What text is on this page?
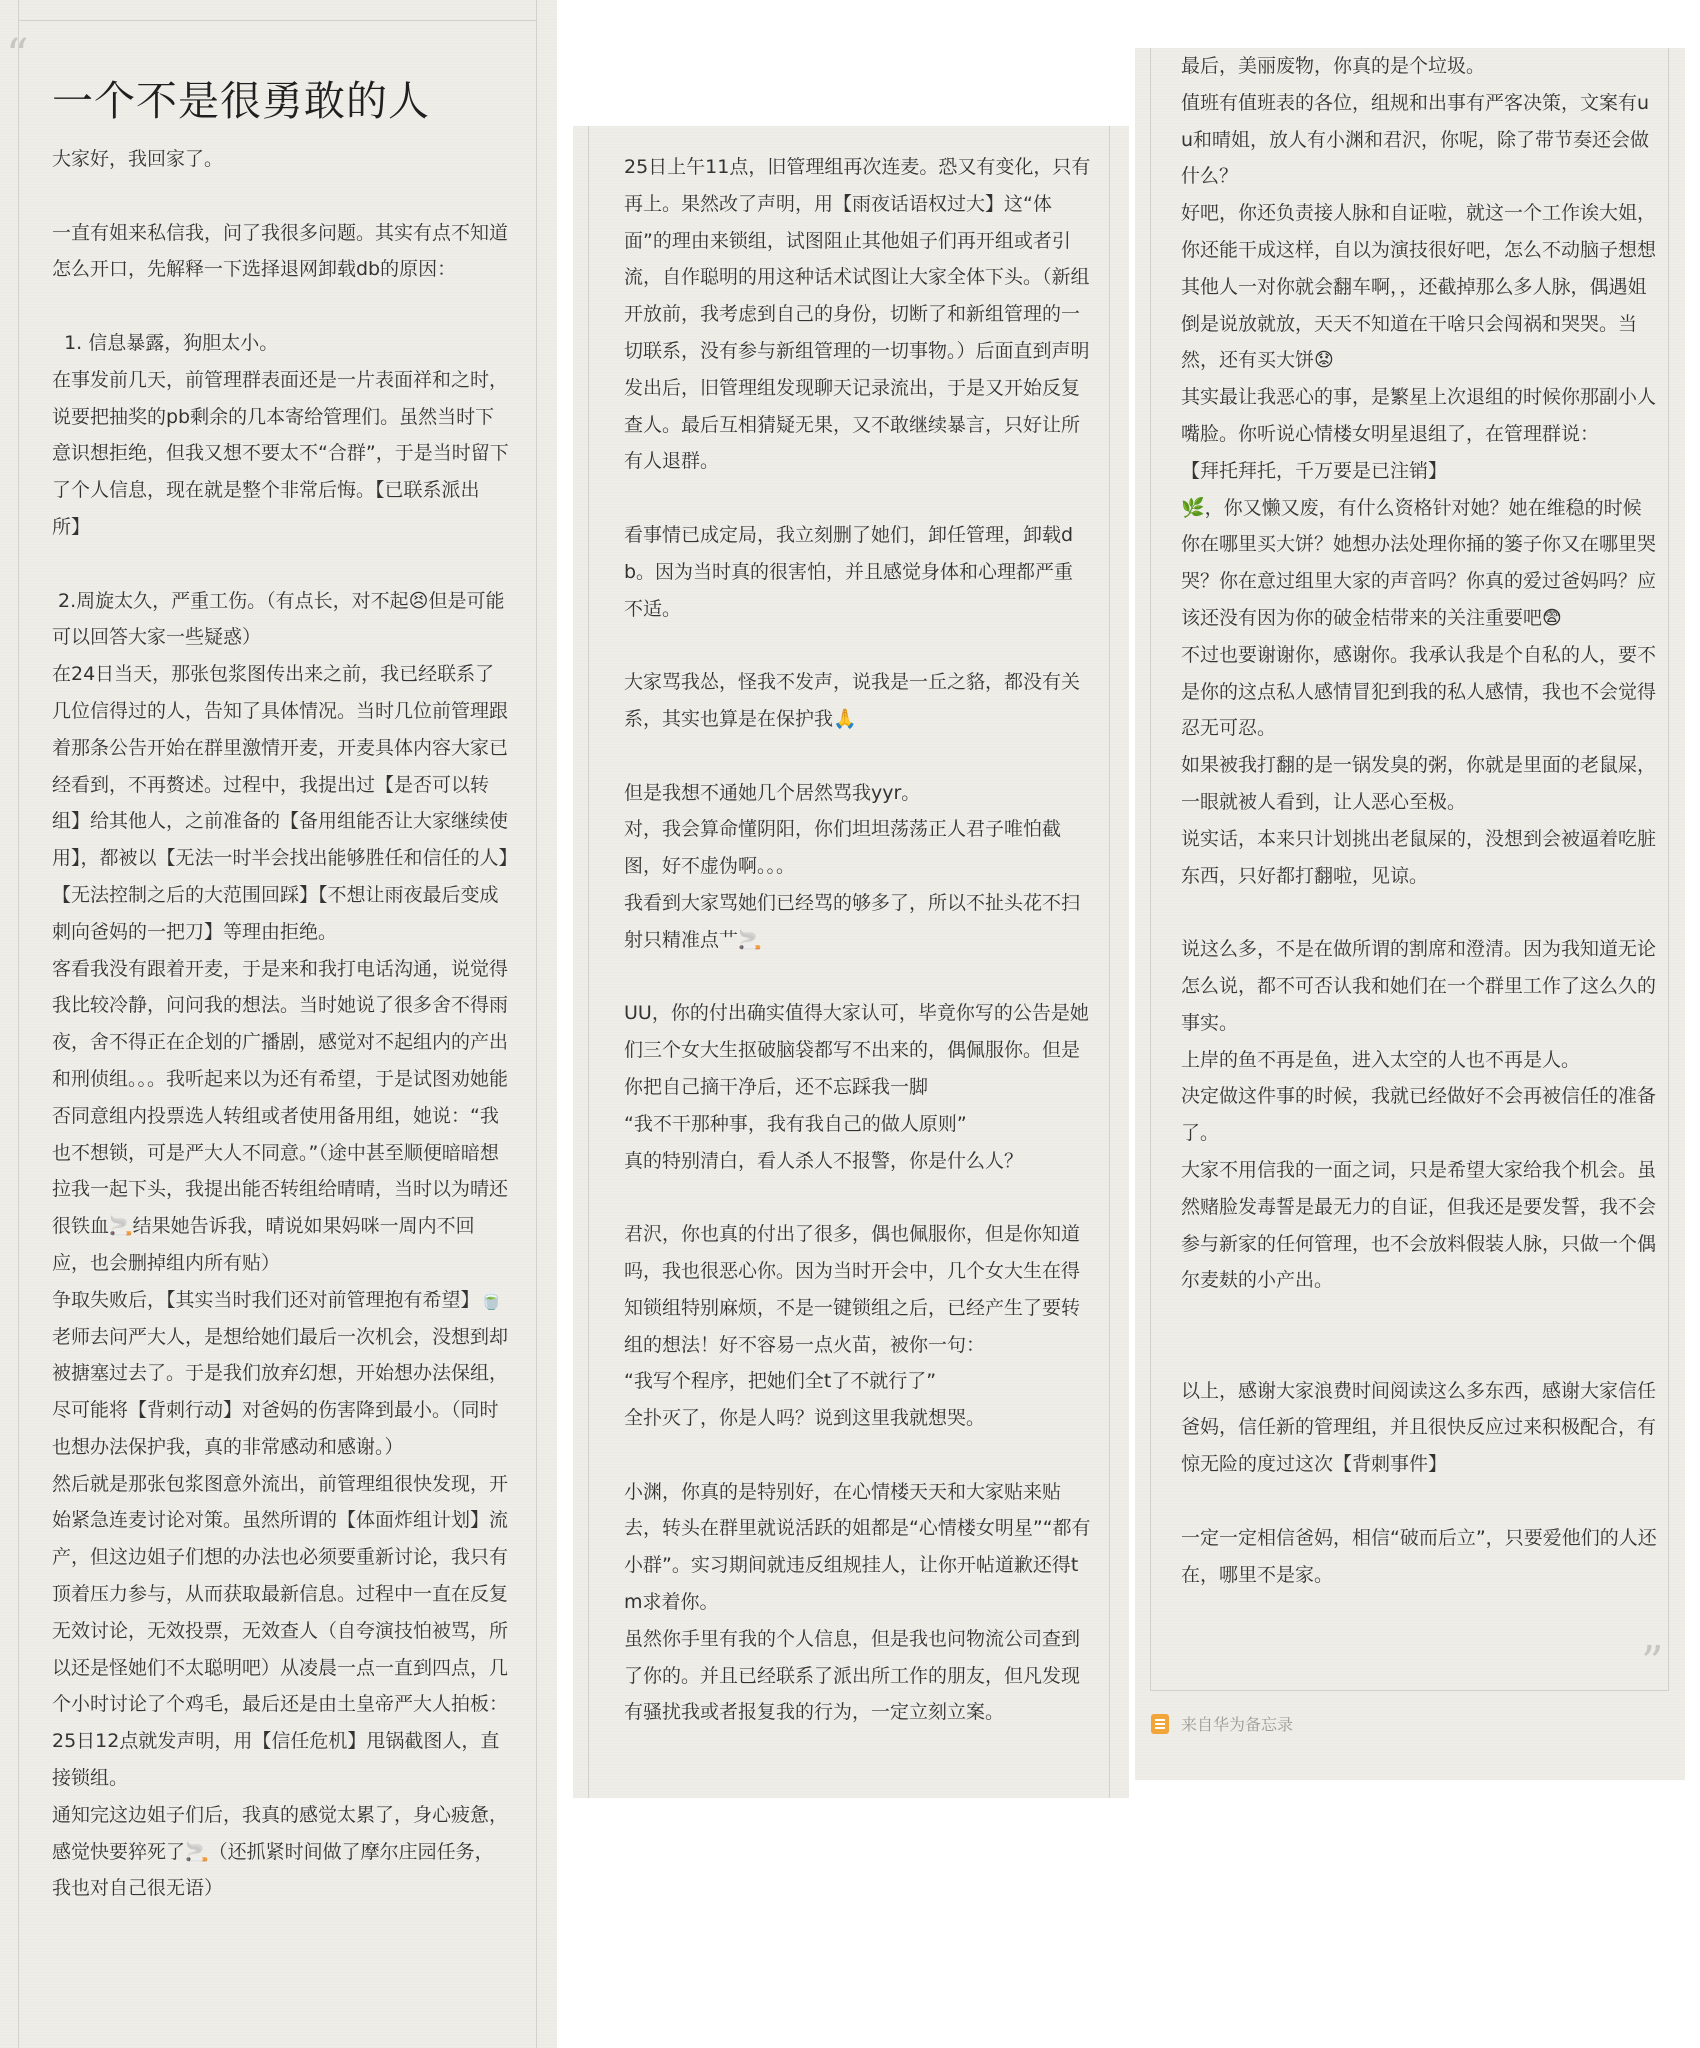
“
一个不是很勇敢的人
大家好，我回家了。

一直有姐来私信我，问了我很多问题。其实有点不知道怎么开口，先解释一下选择退网卸载db的原因：

1. 信息暴露，狗胆太小。
在事发前几天，前管理群表面还是一片表面祥和之时，说要把抽奖的pb剩余的几本寄给管理们。虽然当时下意识想拒绝，但我又想不要太不“合群”，于是当时留下了个人信息，现在就是整个非常后悔。【已联系派出所】

2.周旋太久，严重工伤。（有点长，对不起😣但是可能可以回答大家一些疑惑）
在24日当天，那张包浆图传出来之前，我已经联系了几位信得过的人，告知了具体情况。当时几位前管理跟着那条公告开始在群里激情开麦，开麦具体内容大家已经看到，不再赘述。过程中，我提出过【是否可以转组】给其他人，之前准备的【备用组能否让大家继续使用】，都被以【无法一时半会找出能够胜任和信任的人】【无法控制之后的大范围回踩】【不想让雨夜最后变成刺向爸妈的一把刀】等理由拒绝。
客看我没有跟着开麦，于是来和我打电话沟通，说觉得我比较冷静，问问我的想法。当时她说了很多舍不得雨夜，舍不得正在企划的广播剧，感觉对不起组内的产出和刑侦组。。。我听起来以为还有希望，于是试图劝她能否同意组内投票选人转组或者使用备用组，她说：“我也不想锁，可是严大人不同意。”（途中甚至顺便暗暗想拉我一起下头，我提出能否转组给晴晴，当时以为晴还很铁血🚬结果她告诉我，晴说如果妈咪一周内不回应，也会删掉组内所有贴）
争取失败后，【其实当时我们还对前管理抱有希望】🍵老师去问严大人，是想给她们最后一次机会，没想到却被搪塞过去了。于是我们放弃幻想，开始想办法保组，尽可能将【背刺行动】对爸妈的伤害降到最小。（同时也想办法保护我，真的非常感动和感谢。）
然后就是那张包浆图意外流出，前管理组很快发现，开始紧急连麦讨论对策。虽然所谓的【体面炸组计划】流产，但这边姐子们想的办法也必须要重新讨论，我只有顶着压力参与，从而获取最新信息。过程中一直在反复无效讨论，无效投票，无效查人（自夸演技怕被骂，所以还是怪她们不太聪明吧）从凌晨一点一直到四点，几个小时讨论了个鸡毛，最后还是由土皇帝严大人拍板：25日12点就发声明，用【信任危机】甩锅截图人，直接锁组。
通知完这边姐子们后，我真的感觉太累了，身心疲惫，感觉快要猝死了🚬（还抓紧时间做了摩尔庄园任务，我也对自己很无语）
25日上午11点，旧管理组再次连麦。恐又有变化，只有再上。果然改了声明，用【雨夜话语权过大】这“体面”的理由来锁组，试图阻止其他姐子们再开组或者引流，自作聪明的用这种话术试图让大家全体下头。（新组开放前，我考虑到自己的身份，切断了和新组管理的一切联系，没有参与新组管理的一切事物。）后面直到声明发出后，旧管理组发现聊天记录流出，于是又开始反复查人。最后互相猜疑无果，又不敢继续暴言，只好让所有人退群。

看事情已成定局，我立刻删了她们，卸任管理，卸载db。因为当时真的很害怕，并且感觉身体和心理都严重不适。

大家骂我怂，怪我不发声，说我是一丘之貉，都没有关系，其实也算是在保护我🙏

但是我想不通她几个居然骂我yyr。
对，我会算命懂阴阳，你们坦坦荡荡正人君子唯怕截图，好不虚伪啊。。。
我看到大家骂她们已经骂的够多了，所以不扯头花不扫射只精准点艹🚬

UU，你的付出确实值得大家认可，毕竟你写的公告是她们三个女大生抠破脑袋都写不出来的，偶佩服你。但是你把自己摘干净后，还不忘踩我一脚
“我不干那种事，我有我自己的做人原则”
真的特别清白，看人杀人不报警，你是什么人？

君沢，你也真的付出了很多，偶也佩服你，但是你知道吗，我也很恶心你。因为当时开会中，几个女大生在得知锁组特别麻烦，不是一键锁组之后，已经产生了要转组的想法！好不容易一点火苗，被你一句：
“我写个程序，把她们全t了不就行了”
全扑灭了，你是人吗？说到这里我就想哭。

小渊，你真的是特别好，在心情楼天天和大家贴来贴去，转头在群里就说活跃的姐都是“心情楼女明星”“都有小群”。实习期间就违反组规挂人，让你开帖道歉还得tm求着你。
虽然你手里有我的个人信息，但是我也问物流公司查到了你的。并且已经联系了派出所工作的朋友，但凡发现有骚扰我或者报复我的行为，一定立刻立案。
最后，美丽废物，你真的是个垃圾。
值班有值班表的各位，组规和出事有严客决策，文案有uu和晴姐，放人有小渊和君沢，你呢，除了带节奏还会做什么？
好吧，你还负责接人脉和自证啦，就这一个工作诶大姐，你还能干成这样，自以为演技很好吧，怎么不动脑子想想其他人一对你就会翻车啊，，还截掉那么多人脉，偶遇姐倒是说放就放，天天不知道在干啥只会闯祸和哭哭。当然，还有买大饼😟
其实最让我恶心的事，是繁星上次退组的时候你那副小人嘴脸。你听说心情楼女明星退组了，在管理群说：
【拜托拜托，千万要是已注销】
🌿，你又懒又废，有什么资格针对她？她在维稳的时候你在哪里买大饼？她想办法处理你捅的篓子你又在哪里哭哭？你在意过组里大家的声音吗？你真的爱过爸妈吗？应该还没有因为你的破金桔带来的关注重要吧😨
不过也要谢谢你，感谢你。我承认我是个自私的人，要不是你的这点私人感情冒犯到我的私人感情，我也不会觉得忍无可忍。
如果被我打翻的是一锅发臭的粥，你就是里面的老鼠屎，一眼就被人看到，让人恶心至极。
说实话，本来只计划挑出老鼠屎的，没想到会被逼着吃脏东西，只好都打翻啦，见谅。

说这么多，不是在做所谓的割席和澄清。因为我知道无论怎么说，都不可否认我和她们在一个群里工作了这么久的事实。
上岸的鱼不再是鱼，进入太空的人也不再是人。
决定做这件事的时候，我就已经做好不会再被信任的准备了。
大家不用信我的一面之词，只是希望大家给我个机会。虽然赌脸发毒誓是最无力的自证，但我还是要发誓，我不会参与新家的任何管理，也不会放料假装人脉，只做一个偶尔麦麸的小产出。

以上，感谢大家浪费时间阅读这么多东西，感谢大家信任爸妈，信任新的管理组，并且很快反应过来积极配合，有惊无险的度过这次【背刺事件】

一定一定相信爸妈，相信“破而后立”，只要爱他们的人还在，哪里不是家。
”
来自华为备忘录
